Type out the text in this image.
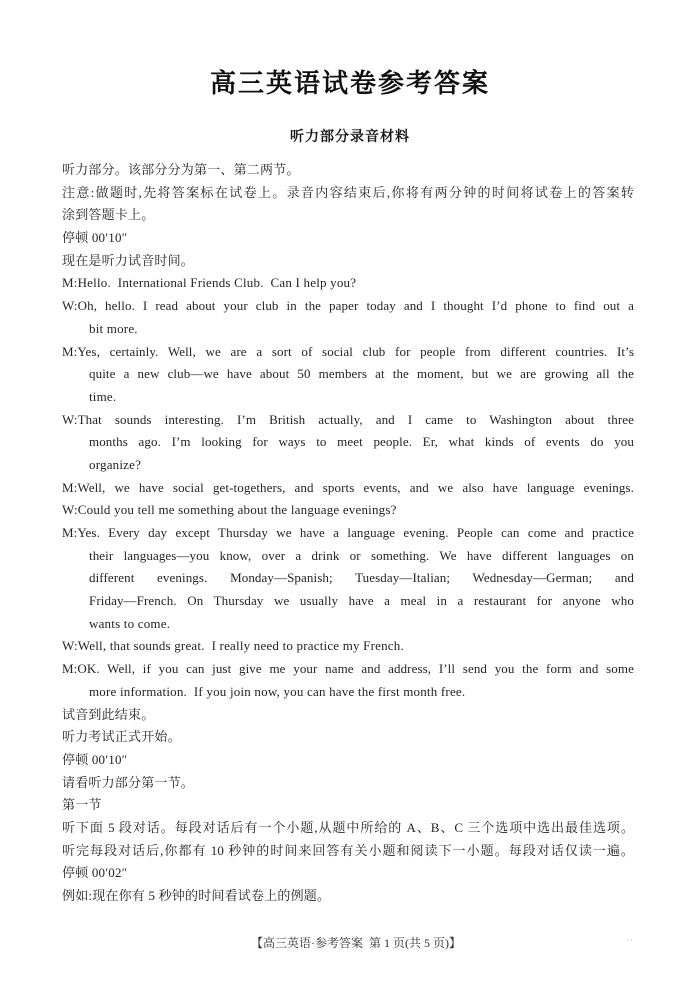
高三英语试卷参考答案
听力部分录音材料
听力部分。该部分分为第一、第二两节。
注意:做题时,先将答案标在试卷上。录音内容结束后,你将有两分钟的时间将试卷上的答案转
涂到答题卡上。
停顿 00′10″
现在是听力试音时间。
M:Hello.  International Friends Club.  Can I help you?
W:Oh, hello. I read about your club in the paper today and I thought I’d phone to find out a
bit more.
M:Yes, certainly. Well, we are a sort of social club for people from different countries. It’s
quite a new club—we have about 50 members at the moment, but we are growing all the
time.
W:That sounds interesting. I’m British actually, and I came to Washington about three
months ago. I’m looking for ways to meet people. Er, what kinds of events do you
organize?
M:Well, we have social get-togethers, and sports events, and we also have language evenings.
W:Could you tell me something about the language evenings?
M:Yes. Every day except Thursday we have a language evening. People can come and practice
their languages—you know, over a drink or something. We have different languages on
different evenings. Monday—Spanish; Tuesday—Italian; Wednesday—German; and
Friday—French. On Thursday we usually have a meal in a restaurant for anyone who
wants to come.
W:Well, that sounds great.  I really need to practice my French.
M:OK. Well, if you can just give me your name and address, I’ll send you the form and some
more information.  If you join now, you can have the first month free.
试音到此结束。
听力考试正式开始。
停顿 00′10″
请看听力部分第一节。
第一节
听下面 5 段对话。每段对话后有一个小题,从题中所给的 A、B、C 三个选项中选出最佳选项。
听完每段对话后,你都有 10 秒钟的时间来回答有关小题和阅读下一小题。每段对话仅读一遍。
停顿 00′02″
例如:现在你有 5 秒钟的时间看试卷上的例题。

【高三英语·参考答案  第 1 页(共 5 页)】
	··
